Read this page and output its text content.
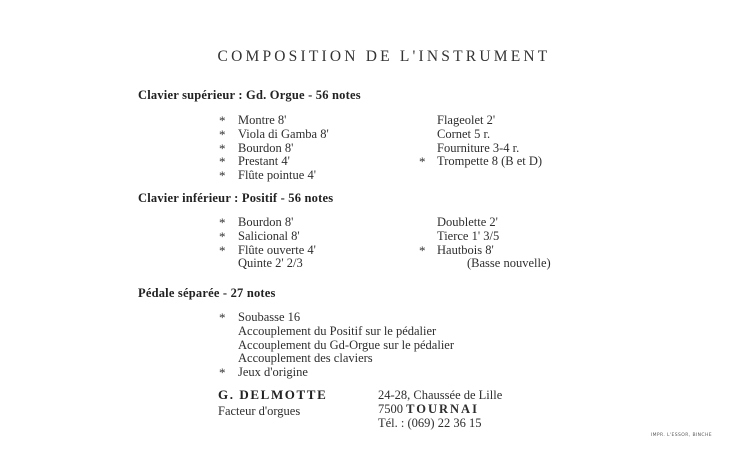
COMPOSITION DE L'INSTRUMENT
Clavier supérieur : Gd. Orgue - 56 notes
* Montre 8'
* Viola di Gamba 8'
* Bourdon 8'
* Prestant 4'
* Flûte pointue 4'
Flageolet 2'
Cornet 5 r.
Fourniture 3-4 r.
* Trompette 8 (B et D)
Clavier inférieur : Positif - 56 notes
* Bourdon 8'
* Salicional 8'
* Flûte ouverte 4'
Quinte 2' 2/3
Doublette 2'
Tierce 1' 3/5
* Hautbois 8'
(Basse nouvelle)
Pédale séparée - 27 notes
* Soubasse 16
Accouplement du Positif sur le pédalier
Accouplement du Gd-Orgue sur le pédalier
Accouplement des claviers
* Jeux d'origine
G. DELMOTTE
Facteur d'orgues
24-28, Chaussée de Lille
7500 TOURNAI
Tél. : (069) 22 36 15
IMPR. L'ESSOR, BINCHE
